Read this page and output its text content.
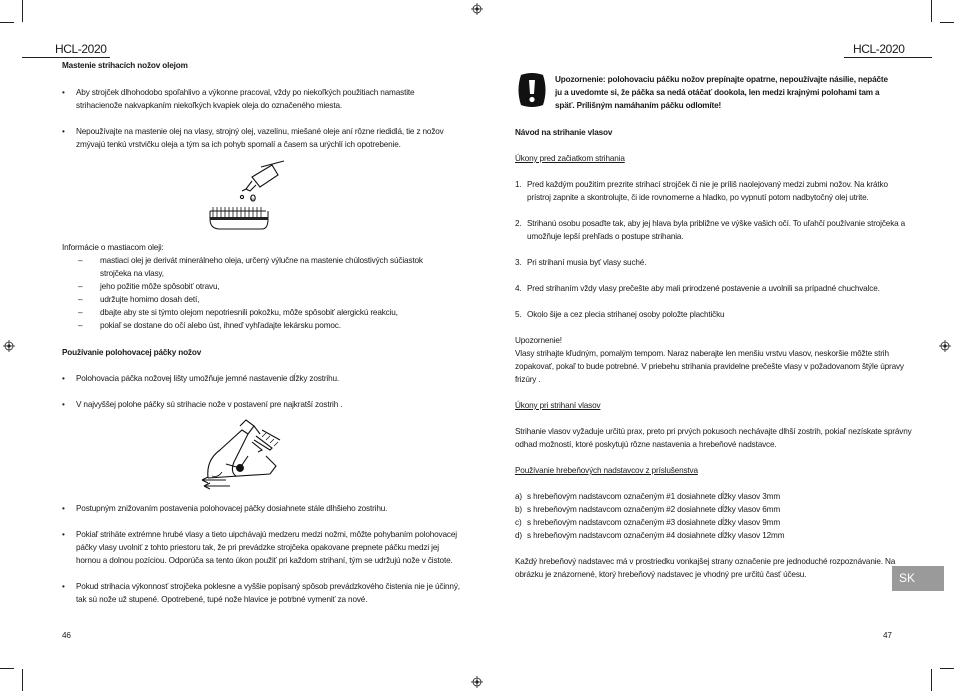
HCL-2020
Mastenie strihacích nožov olejom
•	Aby strojček dlhohodobo spoľahlivo a výkonne pracoval, vždy po niekoľkých použitiach namastite
strihacienože nakvapkaním niekoľkých kvapiek oleja do označeného miesta.
•	Nepoužívajte na mastenie olej na vlasy, strojný olej, vazelínu, miešané oleje aní rôzne riedidlá, tie z nožov
zmývajú tenkú vrstvičku oleja a tým sa ich pohyb spomalí a časem sa urýchlí ich opotrebenie.
Informácie o mastiacom oleji:
–	mastiaci olej je derivát minerálneho oleja, určený výlučne na mastenie chúlostivých súčiastok
strojčeka na vlasy,
–	jeho požitie môže spôsobiť otravu,
–	udržujte homimo dosah detí,
–	dbajte aby ste si týmto olejom nepotriesnili pokožku, môže spôsobiť alergickú reakciu,
–	pokiaľ se dostane do očí alebo úst, ihneď vyhľadajte lekársku pomoc.
Používanie polohovacej páčky nožov
•	Polohovacia páčka nožovej lišty umožňuje jemné nastavenie dĺžky zostrihu.
•	V najvyššej polohe páčky sú strihacie nože v postavení pre najkratší zostrih .
•	Postupným znižovaním postavenia polohovacej páčky dosiahnete stále dlhšieho zostrihu.
•	Pokiaľ strihäte extrémne hrubé vlasy a tieto uipchávajú medzeru medzi nožmi, môžte pohybaním polohovacej
páčky vlasy uvolniť z tohto priestoru tak, že pri prevádzke strojčeka opakovane prepnete páčku medzi jej
hornou a dolnou pozíciou. Odporúča sa tento úkon použiť pri každom strihaní, tým se udržujú nože v čistote.
•	Pokud strihacia výkonnosť strojčeka poklesne a vyššie popísaný spôsob prevádzkového čistenia nie je účinný,
tak sú nože už stupené. Opotrebené, tupé nože hlavice je potrbné vymeniť za nové.
46
HCL-2020
Upozornenie: polohovaciu páčku nožov prepínajte opatrne, nepoužívajte násilie, nepáčte
ju a uvedomte si, že páčka sa nedá otáčať dookola, len medzi krajnými polohami tam a
späť. Prílišným namáhaním páčku odlomíte!
Návod na strihanie vlasov
Úkony pred začiatkom strihania
1. Pred každým použitím prezrite strihací strojček či nie je príliš naolejovaný medzi zubmi nožov. Na krátko
prístroj zapnite a skontrolujte, či ide rovnomerne a hladko, po vypnutí potom nadbytočný olej utrite.
2. Strihanú osobu posaďte tak, aby jej hlava byla približne ve výške vašich očí. To uľahčí používanie strojčeka a
umožňuje lepší prehľads o postupe strihania.
3. Pri strihaní musia byť vlasy suché.
4. Pred strihaním vždy vlasy prečešte aby mali prirodzené postavenie a uvolnili sa prípadné chuchvalce.
5. Okolo šije a cez plecia strihanej osoby položte plachtičku
Upozornenie!
Vlasy strihajte kľudným, pomalým tempom. Naraz naberajte len menšiu vrstvu vlasov, neskoršie môžte strih
zopakovať, pokaľ to bude potrebné. V priebehu strihania pravidelne prečešte vlasy v požadovanom štýle úpravy
frizúry .
Úkony pri strihaní vlasov
Strihanie vlasov vyžaduje určitú prax, preto pri prvých pokusoch nechávajte dlhší zostrih, pokiaľ nezískate správny
odhad možností, ktoré poskytujú rôzne nastavenia a hrebeňové nadstavce.
Používanie hrebeňových nadstavcov z príslušenstva
a) s hrebeňovým nadstavcom označeným #1 dosiahnete dĺžky vlasov 3mm
b) s hrebeňovým nadstavcom označeným #2 dosiahnete dĺžky vlasov 6mm
c) s hrebeňovým nadstavcom označeným #3 dosiahnete dĺžky vlasov 9mm
d) s hrebeňovým nadstavcom označeným #4 dosiahnete dĺžky vlasov 12mm
Každý hrebeňový nadstavec má v prostriedku vonkajšej strany označenie pre jednoduché rozpoznávanie. Na
obrázku je znázornené, ktorý hrebeňový nadstavec je vhodný pre určitú časť účesu.	SK
47
